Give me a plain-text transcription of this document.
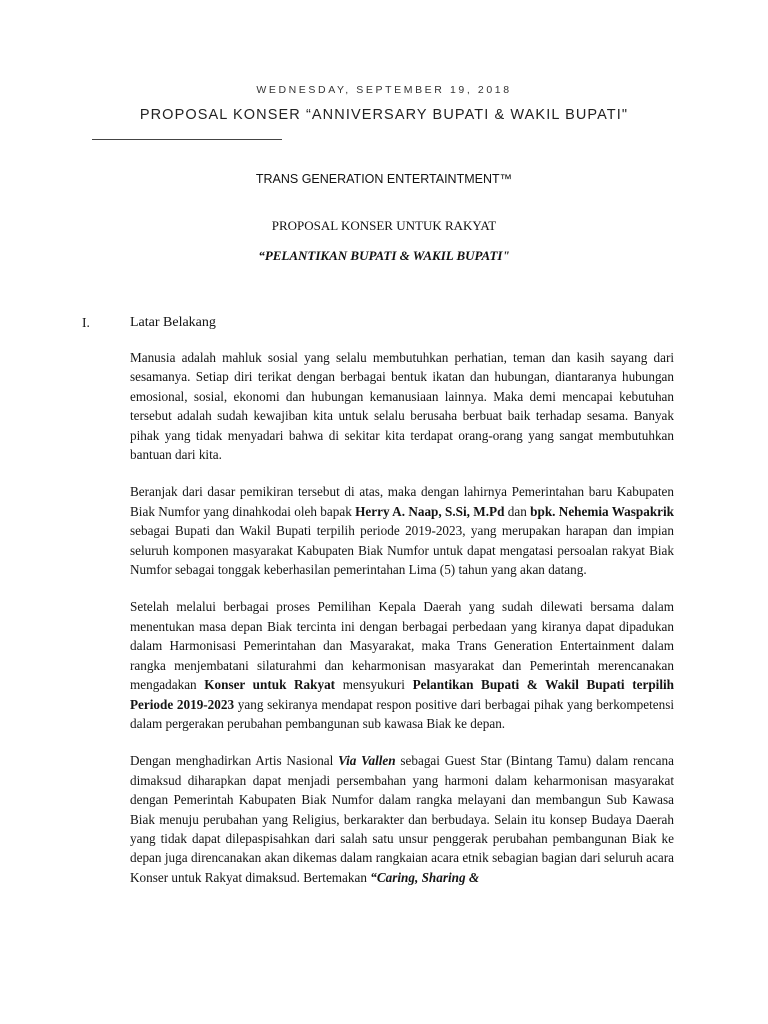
WEDNESDAY, SEPTEMBER 19, 2018
PROPOSAL KONSER “ANNIVERSARY BUPATI & WAKIL BUPATI"
TRANS GENERATION ENTERTAINTMENT™
PROPOSAL KONSER UNTUK RAKYAT
“PELANTIKAN BUPATI & WAKIL BUPATI"
I.	Latar Belakang

Manusia adalah mahluk sosial yang selalu membutuhkan perhatian, teman dan kasih sayang dari sesamanya. Setiap diri terikat dengan berbagai bentuk ikatan dan hubungan, diantaranya hubungan emosional, sosial, ekonomi dan hubungan kemanusiaan lainnya. Maka demi mencapai kebutuhan tersebut adalah sudah kewajiban kita untuk selalu berusaha berbuat baik terhadap sesama. Banyak pihak yang tidak menyadari bahwa di sekitar kita terdapat orang-orang yang sangat membutuhkan bantuan dari kita.

Beranjak dari dasar pemikiran tersebut di atas, maka dengan lahirnya Pemerintahan baru Kabupaten Biak Numfor yang dinahkodai oleh bapak Herry A. Naap, S.Si, M.Pd dan bpk. Nehemia Waspakrik sebagai Bupati dan Wakil Bupati terpilih periode 2019-2023, yang merupakan harapan dan impian seluruh komponen masyarakat Kabupaten Biak Numfor untuk dapat mengatasi persoalan rakyat Biak Numfor sebagai tonggak keberhasilan pemerintahan Lima (5) tahun yang akan datang.

Setelah melalui berbagai proses Pemilihan Kepala Daerah yang sudah dilewati bersama dalam menentukan masa depan Biak tercinta ini dengan berbagai perbedaan yang kiranya dapat dipadukan dalam Harmonisasi Pemerintahan dan Masyarakat, maka Trans Generation Entertainment dalam rangka menjembatani silaturahmi dan keharmonisan masyarakat dan Pemerintah merencanakan mengadakan Konser untuk Rakyat mensyukuri Pelantikan Bupati & Wakil Bupati terpilih Periode 2019-2023 yang sekiranya mendapat respon positive dari berbagai pihak yang berkompetensi dalam pergerakan perubahan pembangunan sub kawasa Biak ke depan.

Dengan menghadirkan Artis Nasional Via Vallen sebagai Guest Star (Bintang Tamu) dalam rencana dimaksud diharapkan dapat menjadi persembahan yang harmoni dalam keharmonisan masyarakat dengan Pemerintah Kabupaten Biak Numfor dalam rangka melayani dan membangun Sub Kawasa Biak menuju perubahan yang Religius, berkarakter dan berbudaya. Selain itu konsep Budaya Daerah yang tidak dapat dilepaspisahkan dari salah satu unsur penggerak perubahan pembangunan Biak ke depan juga direncanakan akan dikemas dalam rangkaian acara etnik sebagian bagian dari seluruh acara Konser untuk Rakyat dimaksud. Bertemakan “Caring, Sharing &
